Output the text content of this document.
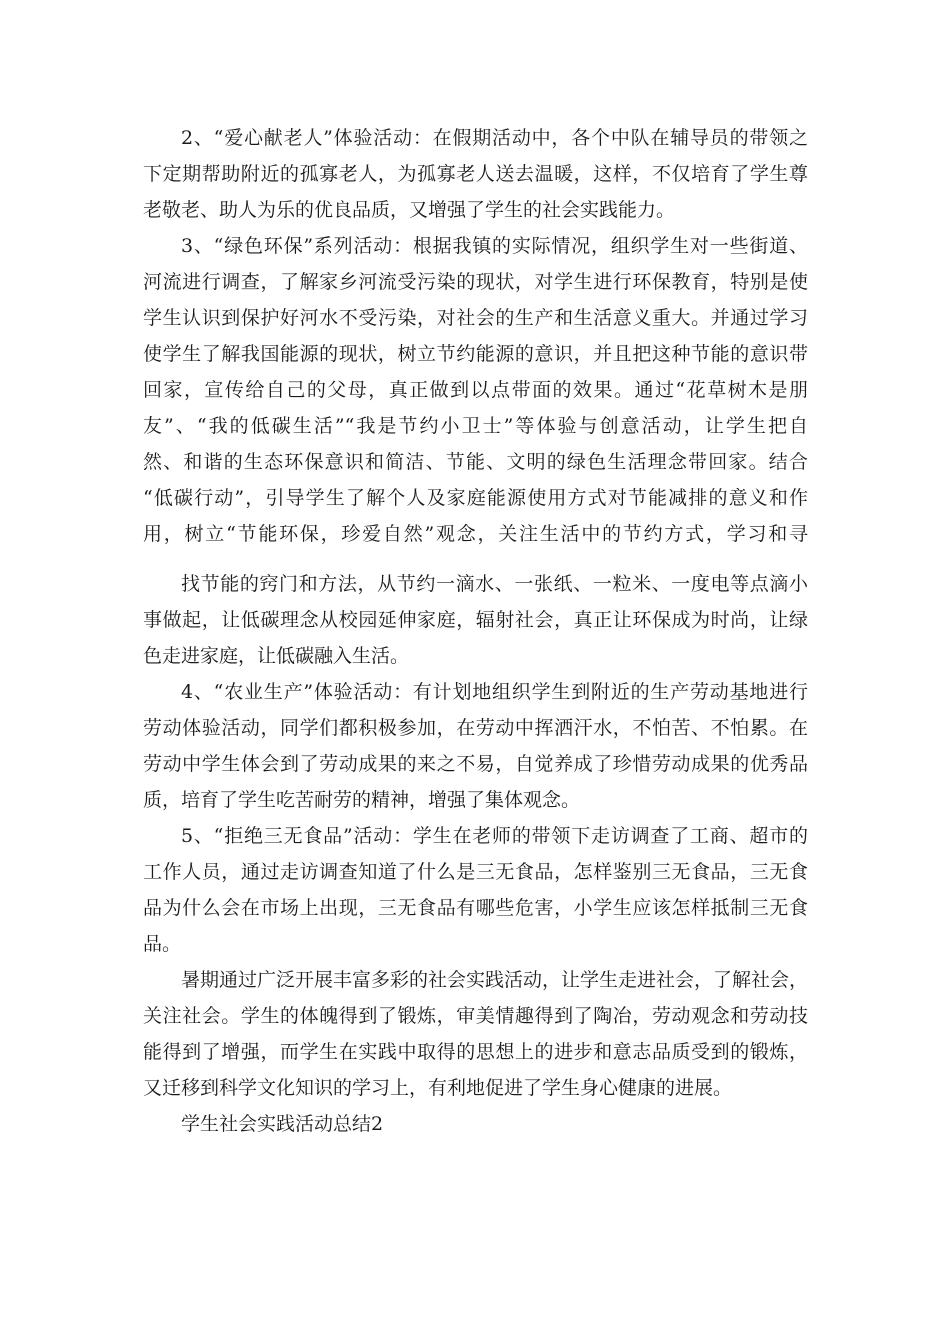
2、“爱心献老人”体验活动：在假期活动中，各个中队在辅导员的带领之

下定期帮助附近的孤寡老人，为孤寡老人送去温暖，这样，不仅培育了学生尊

老敬老、助人为乐的优良品质，又增强了学生的社会实践能力。

3、“绿色环保”系列活动：根据我镇的实际情况，组织学生对一些街道、

河流进行调查，了解家乡河流受污染的现状，对学生进行环保教育，特别是使

学生认识到保护好河水不受污染，对社会的生产和生活意义重大。并通过学习

使学生了解我国能源的现状，树立节约能源的意识，并且把这种节能的意识带

回家，宣传给自己的父母，真正做到以点带面的效果。通过“花草树木是朋

友”、“我的低碳生活”“我是节约小卫士”等体验与创意活动，让学生把自

然、和谐的生态环保意识和简洁、节能、文明的绿色生活理念带回家。结合

“低碳行动”，引导学生了解个人及家庭能源使用方式对节能减排的意义和作

用，树立“节能环保，珍爱自然”观念，关注生活中的节约方式，学习和寻

找节能的窍门和方法，从节约一滴水、一张纸、一粒米、一度电等点滴小

事做起，让低碳理念从校园延伸家庭，辐射社会，真正让环保成为时尚，让绿

色走进家庭，让低碳融入生活。

4、“农业生产”体验活动：有计划地组织学生到附近的生产劳动基地进行

劳动体验活动，同学们都积极参加，在劳动中挥洒汗水，不怕苦、不怕累。在

劳动中学生体会到了劳动成果的来之不易，自觉养成了珍惜劳动成果的优秀品

质，培育了学生吃苦耐劳的精神，增强了集体观念。

5、“拒绝三无食品”活动：学生在老师的带领下走访调查了工商、超市的

工作人员，通过走访调查知道了什么是三无食品，怎样鉴别三无食品，三无食

品为什么会在市场上出现，三无食品有哪些危害，小学生应该怎样抵制三无食

品。

暑期通过广泛开展丰富多彩的社会实践活动，让学生走进社会，了解社会，

关注社会。学生的体魄得到了锻炼，审美情趣得到了陶冶，劳动观念和劳动技

能得到了增强，而学生在实践中取得的思想上的进步和意志品质受到的锻炼，

又迁移到科学文化知识的学习上，有利地促进了学生身心健康的进展。

学生社会实践活动总结2
